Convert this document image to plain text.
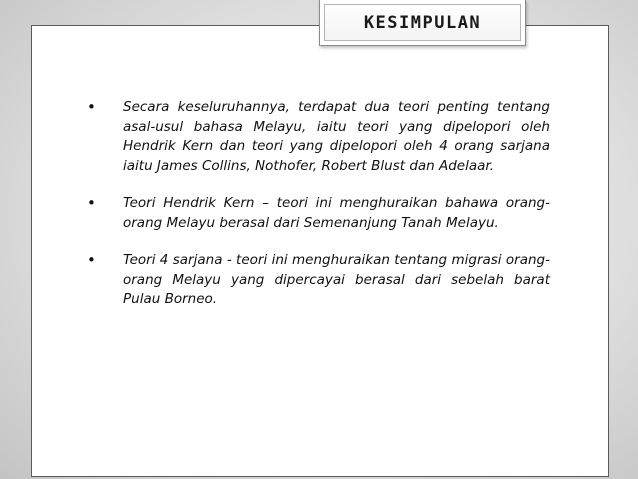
KESIMPULAN
• Secara keseluruhannya, terdapat dua teori penting tentang asal-usul bahasa Melayu, iaitu teori yang dipelopori oleh Hendrik Kern dan teori yang dipelopori oleh 4 orang sarjana iaitu James Collins, Nothofer, Robert Blust dan Adelaar.
• Teori Hendrik Kern – teori ini menghuraikan bahawa orang-orang Melayu berasal dari Semenanjung Tanah Melayu.
• Teori 4 sarjana - teori ini menghuraikan tentang migrasi orang-orang Melayu yang dipercayai berasal dari sebelah barat Pulau Borneo.
